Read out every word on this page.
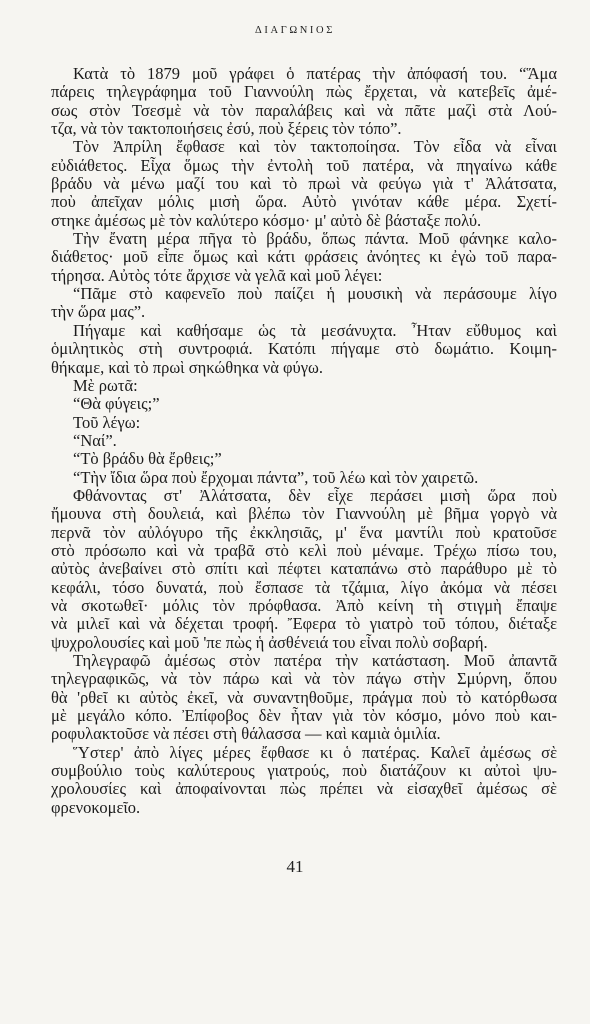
ΔΙΑΓΩΝΙΟΣ
Κατὰ τὸ 1879 μοῦ γράφει ὁ πατέρας τὴν ἀπόφασή του. “Ἅμα
πάρεις τηλεγράφημα τοῦ Γιαννούλη πὼς ἔρχεται, νὰ κατεβεῖς ἀμέ-
σως στὸν Τσεσμὲ νὰ τὸν παραλάβεις καὶ νὰ πᾶτε μαζὶ στὰ Λού-
τζα, νὰ τὸν τακτοποιήσεις ἐσύ, ποὺ ξέρεις τὸν τόπο”.
Τὸν Ἀπρίλη ἔφθασε καὶ τὸν τακτοποίησα. Τὸν εἶδα νὰ εἶναι
εὐδιάθετος. Εἶχα ὅμως τὴν ἐντολὴ τοῦ πατέρα, νὰ πηγαίνω κάθε
βράδυ νὰ μένω μαζί του καὶ τὸ πρωὶ νὰ φεύγω γιὰ τ' Ἀλάτσατα,
ποὺ ἀπεῖχαν μόλις μισὴ ὥρα. Αὐτὸ γινόταν κάθε μέρα. Σχετί-
στηκε ἀμέσως μὲ τὸν καλύτερο κόσμο· μ' αὐτὸ δὲ βάσταξε πολύ.
Τὴν ἔνατη μέρα πῆγα τὸ βράδυ, ὅπως πάντα. Μοῦ φάνηκε καλο-
διάθετος· μοῦ εἶπε ὅμως καὶ κάτι φράσεις ἀνόητες κι ἐγὼ τοῦ παρα-
τήρησα. Αὐτὸς τότε ἄρχισε νὰ γελᾶ καὶ μοῦ λέγει:
“Πᾶμε στὸ καφενεῖο ποὺ παίζει ἡ μουσικὴ νὰ περάσουμε λίγο
τὴν ὥρα μας”.
Πήγαμε καὶ καθήσαμε ὡς τὰ μεσάνυχτα. Ἦταν εὔθυμος καὶ
ὁμιλητικὸς στὴ συντροφιά. Κατόπι πήγαμε στὸ δωμάτιο. Κοιμη-
θήκαμε, καὶ τὸ πρωὶ σηκώθηκα νὰ φύγω.
Μὲ ρωτᾶ:
“Θὰ φύγεις;”
Τοῦ λέγω:
“Ναί”.
“Τὸ βράδυ θὰ ἔρθεις;”
“Τὴν ἴδια ὥρα ποὺ ἔρχομαι πάντα”, τοῦ λέω καὶ τὸν χαιρετῶ.
Φθάνοντας στ' Ἀλάτσατα, δὲν εἶχε περάσει μισὴ ὥρα ποὺ
ἤμουνα στὴ δουλειά, καὶ βλέπω τὸν Γιαννούλη μὲ βῆμα γοργὸ νὰ
περνᾶ τὸν αὐλόγυρο τῆς ἐκκλησιᾶς, μ' ἕνα μαντίλι ποὺ κρατοῦσε
στὸ πρόσωπο καὶ νὰ τραβᾶ στὸ κελὶ ποὺ μέναμε. Τρέχω πίσω του,
αὐτὸς ἀνεβαίνει στὸ σπίτι καὶ πέφτει καταπάνω στὸ παράθυρο μὲ τὸ
κεφάλι, τόσο δυνατά, ποὺ ἔσπασε τὰ τζάμια, λίγο ἀκόμα νὰ πέσει
νὰ σκοτωθεῖ· μόλις τὸν πρόφθασα. Ἀπὸ κείνη τὴ στιγμὴ ἔπαψε
νὰ μιλεῖ καὶ νὰ δέχεται τροφή. Ἔφερα τὸ γιατρὸ τοῦ τόπου, διέταξε
ψυχρολουσίες καὶ μοῦ 'πε πὼς ἡ ἀσθένειά του εἶναι πολὺ σοβαρή.
Τηλεγραφῶ ἀμέσως στὸν πατέρα τὴν κατάσταση. Μοῦ ἀπαντᾶ
τηλεγραφικῶς, νὰ τὸν πάρω καὶ νὰ τὸν πάγω στὴν Σμύρνη, ὅπου
θὰ 'ρθεῖ κι αὐτὸς ἐκεῖ, νὰ συναντηθοῦμε, πράγμα ποὺ τὸ κατόρθωσα
μὲ μεγάλο κόπο. Ἐπίφοβος δὲν ἦταν γιὰ τὸν κόσμο, μόνο ποὺ και-
ροφυλακτοῦσε νὰ πέσει στὴ θάλασσα — καὶ καμιὰ ὁμιλία.
Ὕστερ' ἀπὸ λίγες μέρες ἔφθασε κι ὁ πατέρας. Καλεῖ ἀμέσως σὲ
συμβούλιο τοὺς καλύτερους γιατρούς, ποὺ διατάζουν κι αὐτοὶ ψυ-
χρολουσίες καὶ ἀποφαίνονται πὼς πρέπει νὰ εἰσαχθεῖ ἀμέσως σὲ
φρενοκομεῖο.
41
